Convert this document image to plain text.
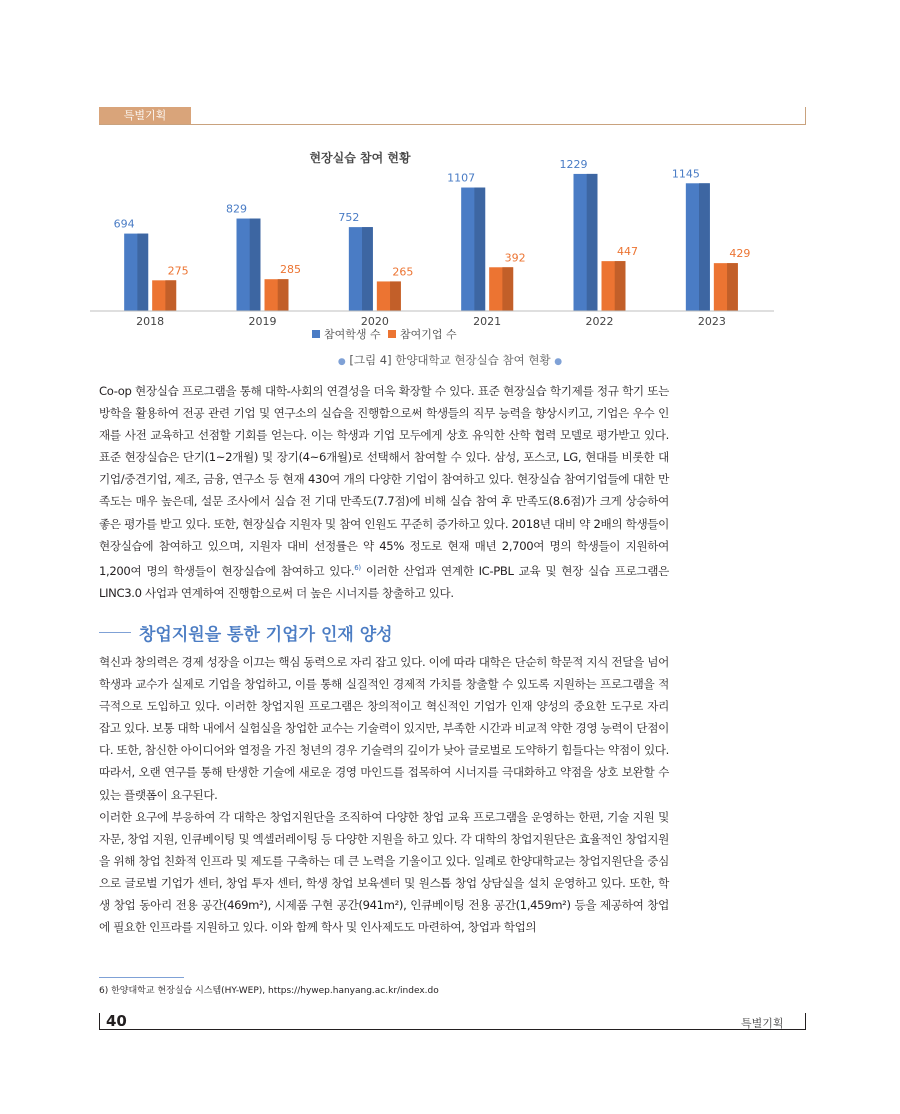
특별기획
현장실습 참여 현황
694
275
2018
829
285
2019
752
265
2020
1107
392
2021
1229
447
2022
1145
429
2023
참여학생 수 참여기업 수
● [그림 4] 한양대학교 현장실습 참여 현황 ●

Co-op 현장실습 프로그램을 통해 대학-사회의 연결성을 더욱 확장할 수 있다. 표준 현장실습 학기제를 정규 학기 또는 방학을 활용하여 전공 관련 기업 및 연구소의 실습을 진행함으로써 학생들의 직무 능력을 향상시키고, 기업은 우수 인재를 사전 교육하고 선점할 기회를 얻는다. 이는 학생과 기업 모두에게 상호 유익한 산학 협력 모델로 평가받고 있다. 표준 현장실습은 단기(1~2개월) 및 장기(4~6개월)로 선택해서 참여할 수 있다. 삼성, 포스코, LG, 현대를 비롯한 대기업/중견기업, 제조, 금융, 연구소 등 현재 430여 개의 다양한 기업이 참여하고 있다. 현장실습 참여기업들에 대한 만족도는 매우 높은데, 설문 조사에서 실습 전 기대 만족도(7.7점)에 비해 실습 참여 후 만족도(8.6점)가 크게 상승하여 좋은 평가를 받고 있다. 또한, 현장실습 지원자 및 참여 인원도 꾸준히 증가하고 있다. 2018년 대비 약 2배의 학생들이 현장실습에 참여하고 있으며, 지원자 대비 선정률은 약 45% 정도로 현재 매년 2,700여 명의 학생들이 지원하여 1,200여 명의 학생들이 현장실습에 참여하고 있다.$^{6)}$ 이러한 산업과 연계한 IC-PBL 교육 및 현장 실습 프로그램은 LINC3.0 사업과 연계하여 진행함으로써 더 높은 시너지를 창출하고 있다.

창업지원을 통한 기업가 인재 양성

혁신과 창의력은 경제 성장을 이끄는 핵심 동력으로 자리 잡고 있다. 이에 따라 대학은 단순히 학문적 지식 전달을 넘어 학생과 교수가 실제로 기업을 창업하고, 이를 통해 실질적인 경제적 가치를 창출할 수 있도록 지원하는 프로그램을 적극적으로 도입하고 있다. 이러한 창업지원 프로그램은 창의적이고 혁신적인 기업가 인재 양성의 중요한 도구로 자리 잡고 있다. 보통 대학 내에서 실험실을 창업한 교수는 기술력이 있지만, 부족한 시간과 비교적 약한 경영 능력이 단점이다. 또한, 참신한 아이디어와 열정을 가진 청년의 경우 기술력의 깊이가 낮아 글로벌로 도약하기 힘들다는 약점이 있다. 따라서, 오랜 연구를 통해 탄생한 기술에 새로운 경영 마인드를 접목하여 시너지를 극대화하고 약점을 상호 보완할 수 있는 플랫폼이 요구된다.

이러한 요구에 부응하여 각 대학은 창업지원단을 조직하여 다양한 창업 교육 프로그램을 운영하는 한편, 기술 지원 및 자문, 창업 지원, 인큐베이팅 및 엑셀러레이팅 등 다양한 지원을 하고 있다. 각 대학의 창업지원단은 효율적인 창업지원을 위해 창업 친화적 인프라 및 제도를 구축하는 데 큰 노력을 기울이고 있다. 일례로 한양대학교는 창업지원단을 중심으로 글로벌 기업가 센터, 창업 투자 센터, 학생 창업 보육센터 및 원스톱 창업 상담실을 설치 운영하고 있다. 또한, 학생 창업 동아리 전용 공간(469m²), 시제품 구현 공간(941m²), 인큐베이팅 전용 공간(1,459m²) 등을 제공하여 창업에 필요한 인프라를 지원하고 있다. 이와 함께 학사 및 인사제도도 마련하여, 창업과 학업의

6) 한양대학교 현장실습 시스템(HY-WEP), https://hywep.hanyang.ac.kr/index.do

40	특별기획
